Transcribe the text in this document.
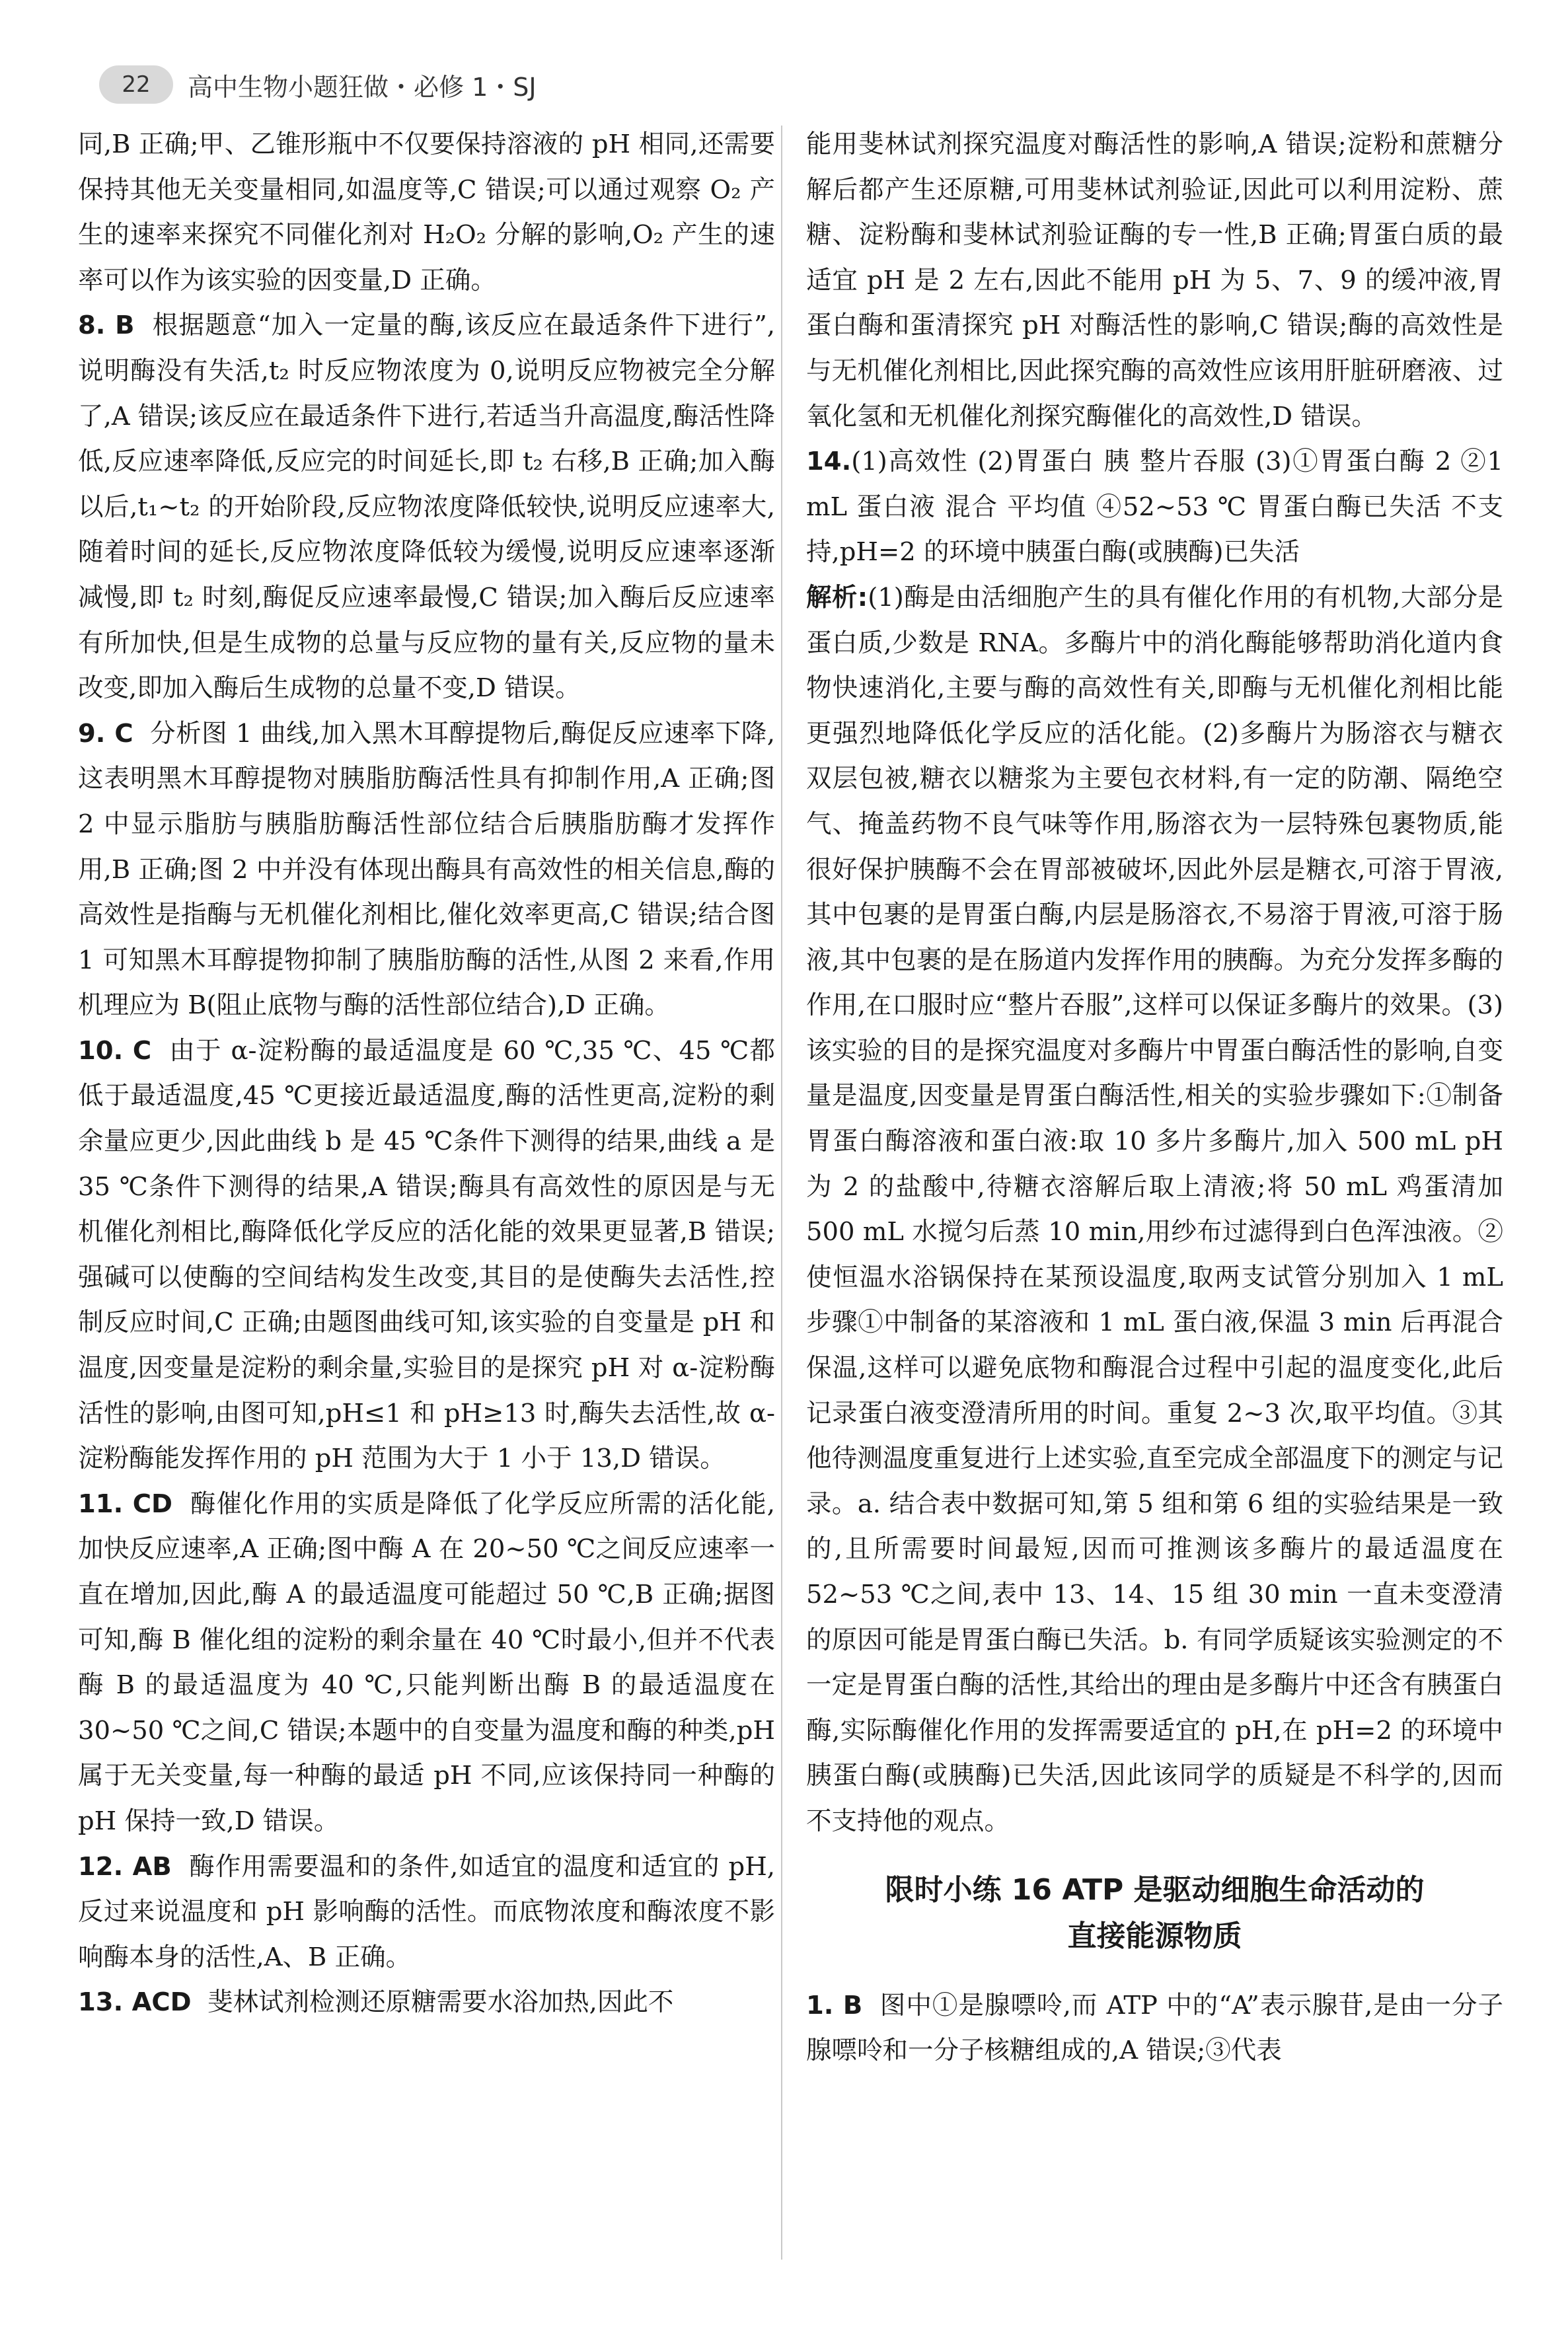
22	高中生物小题狂做・必修 1・SJ

同,B 正确;甲、乙锥形瓶中不仅要保持溶液的 pH 相同,还需要保持其他无关变量相同,如温度等,C 错误;可以通过观察 O₂ 产生的速率来探究不同催化剂对 H₂O₂ 分解的影响,O₂ 产生的速率可以作为该实验的因变量,D 正确。

8. B 根据题意“加入一定量的酶,该反应在最适条件下进行”,说明酶没有失活,t₂ 时反应物浓度为 0,说明反应物被完全分解了,A 错误;该反应在最适条件下进行,若适当升高温度,酶活性降低,反应速率降低,反应完的时间延长,即 t₂ 右移,B 正确;加入酶以后,t₁~t₂ 的开始阶段,反应物浓度降低较快,说明反应速率大,随着时间的延长,反应物浓度降低较为缓慢,说明反应速率逐渐减慢,即 t₂ 时刻,酶促反应速率最慢,C 错误;加入酶后反应速率有所加快,但是生成物的总量与反应物的量有关,反应物的量未改变,即加入酶后生成物的总量不变,D 错误。

9. C 分析图 1 曲线,加入黑木耳醇提物后,酶促反应速率下降,这表明黑木耳醇提物对胰脂肪酶活性具有抑制作用,A 正确;图 2 中显示脂肪与胰脂肪酶活性部位结合后胰脂肪酶才发挥作用,B 正确;图 2 中并没有体现出酶具有高效性的相关信息,酶的高效性是指酶与无机催化剂相比,催化效率更高,C 错误;结合图 1 可知黑木耳醇提物抑制了胰脂肪酶的活性,从图 2 来看,作用机理应为 B(阻止底物与酶的活性部位结合),D 正确。

10. C 由于 α-淀粉酶的最适温度是 60 ℃,35 ℃、45 ℃都低于最适温度,45 ℃更接近最适温度,酶的活性更高,淀粉的剩余量应更少,因此曲线 b 是 45 ℃条件下测得的结果,曲线 a 是 35 ℃条件下测得的结果,A 错误;酶具有高效性的原因是与无机催化剂相比,酶降低化学反应的活化能的效果更显著,B 错误;强碱可以使酶的空间结构发生改变,其目的是使酶失去活性,控制反应时间,C 正确;由题图曲线可知,该实验的自变量是 pH 和温度,因变量是淀粉的剩余量,实验目的是探究 pH 对 α-淀粉酶活性的影响,由图可知,pH≤1 和 pH≥13 时,酶失去活性,故 α-淀粉酶能发挥作用的 pH 范围为大于 1 小于 13,D 错误。

11. CD 酶催化作用的实质是降低了化学反应所需的活化能,加快反应速率,A 正确;图中酶 A 在 20~50 ℃之间反应速率一直在增加,因此,酶 A 的最适温度可能超过 50 ℃,B 正确;据图可知,酶 B 催化组的淀粉的剩余量在 40 ℃时最小,但并不代表酶 B 的最适温度为 40 ℃,只能判断出酶 B 的最适温度在 30~50 ℃之间,C 错误;本题中的自变量为温度和酶的种类,pH 属于无关变量,每一种酶的最适 pH 不同,应该保持同一种酶的 pH 保持一致,D 错误。

12. AB 酶作用需要温和的条件,如适宜的温度和适宜的 pH,反过来说温度和 pH 影响酶的活性。而底物浓度和酶浓度不影响酶本身的活性,A、B 正确。

13. ACD 斐林试剂检测还原糖需要水浴加热,因此不

能用斐林试剂探究温度对酶活性的影响,A 错误;淀粉和蔗糖分解后都产生还原糖,可用斐林试剂验证,因此可以利用淀粉、蔗糖、淀粉酶和斐林试剂验证酶的专一性,B 正确;胃蛋白质的最适宜 pH 是 2 左右,因此不能用 pH 为 5、7、9 的缓冲液,胃蛋白酶和蛋清探究 pH 对酶活性的影响,C 错误;酶的高效性是与无机催化剂相比,因此探究酶的高效性应该用肝脏研磨液、过氧化氢和无机催化剂探究酶催化的高效性,D 错误。

14.(1)高效性 (2)胃蛋白 胰 整片吞服 (3)①胃蛋白酶 2 ②1 mL 蛋白液 混合 平均值 ④52~53 ℃ 胃蛋白酶已失活 不支持,pH=2 的环境中胰蛋白酶(或胰酶)已失活

解析:(1)酶是由活细胞产生的具有催化作用的有机物,大部分是蛋白质,少数是 RNA。多酶片中的消化酶能够帮助消化道内食物快速消化,主要与酶的高效性有关,即酶与无机催化剂相比能更强烈地降低化学反应的活化能。(2)多酶片为肠溶衣与糖衣双层包被,糖衣以糖浆为主要包衣材料,有一定的防潮、隔绝空气、掩盖药物不良气味等作用,肠溶衣为一层特殊包裹物质,能很好保护胰酶不会在胃部被破坏,因此外层是糖衣,可溶于胃液,其中包裹的是胃蛋白酶,内层是肠溶衣,不易溶于胃液,可溶于肠液,其中包裹的是在肠道内发挥作用的胰酶。为充分发挥多酶的作用,在口服时应“整片吞服”,这样可以保证多酶片的效果。(3)该实验的目的是探究温度对多酶片中胃蛋白酶活性的影响,自变量是温度,因变量是胃蛋白酶活性,相关的实验步骤如下:①制备胃蛋白酶溶液和蛋白液:取 10 多片多酶片,加入 500 mL pH 为 2 的盐酸中,待糖衣溶解后取上清液;将 50 mL 鸡蛋清加 500 mL 水搅匀后蒸 10 min,用纱布过滤得到白色浑浊液。②使恒温水浴锅保持在某预设温度,取两支试管分别加入 1 mL 步骤①中制备的某溶液和 1 mL 蛋白液,保温 3 min 后再混合保温,这样可以避免底物和酶混合过程中引起的温度变化,此后记录蛋白液变澄清所用的时间。重复 2~3 次,取平均值。③其他待测温度重复进行上述实验,直至完成全部温度下的测定与记录。a. 结合表中数据可知,第 5 组和第 6 组的实验结果是一致的,且所需要时间最短,因而可推测该多酶片的最适温度在 52~53 ℃之间,表中 13、14、15 组 30 min 一直未变澄清的原因可能是胃蛋白酶已失活。b. 有同学质疑该实验测定的不一定是胃蛋白酶的活性,其给出的理由是多酶片中还含有胰蛋白酶,实际酶催化作用的发挥需要适宜的 pH,在 pH=2 的环境中胰蛋白酶(或胰酶)已失活,因此该同学的质疑是不科学的,因而不支持他的观点。

限时小练 16 ATP 是驱动细胞生命活动的
直接能源物质

1. B 图中①是腺嘌呤,而 ATP 中的“A”表示腺苷,是由一分子腺嘌呤和一分子核糖组成的,A 错误;③代表
